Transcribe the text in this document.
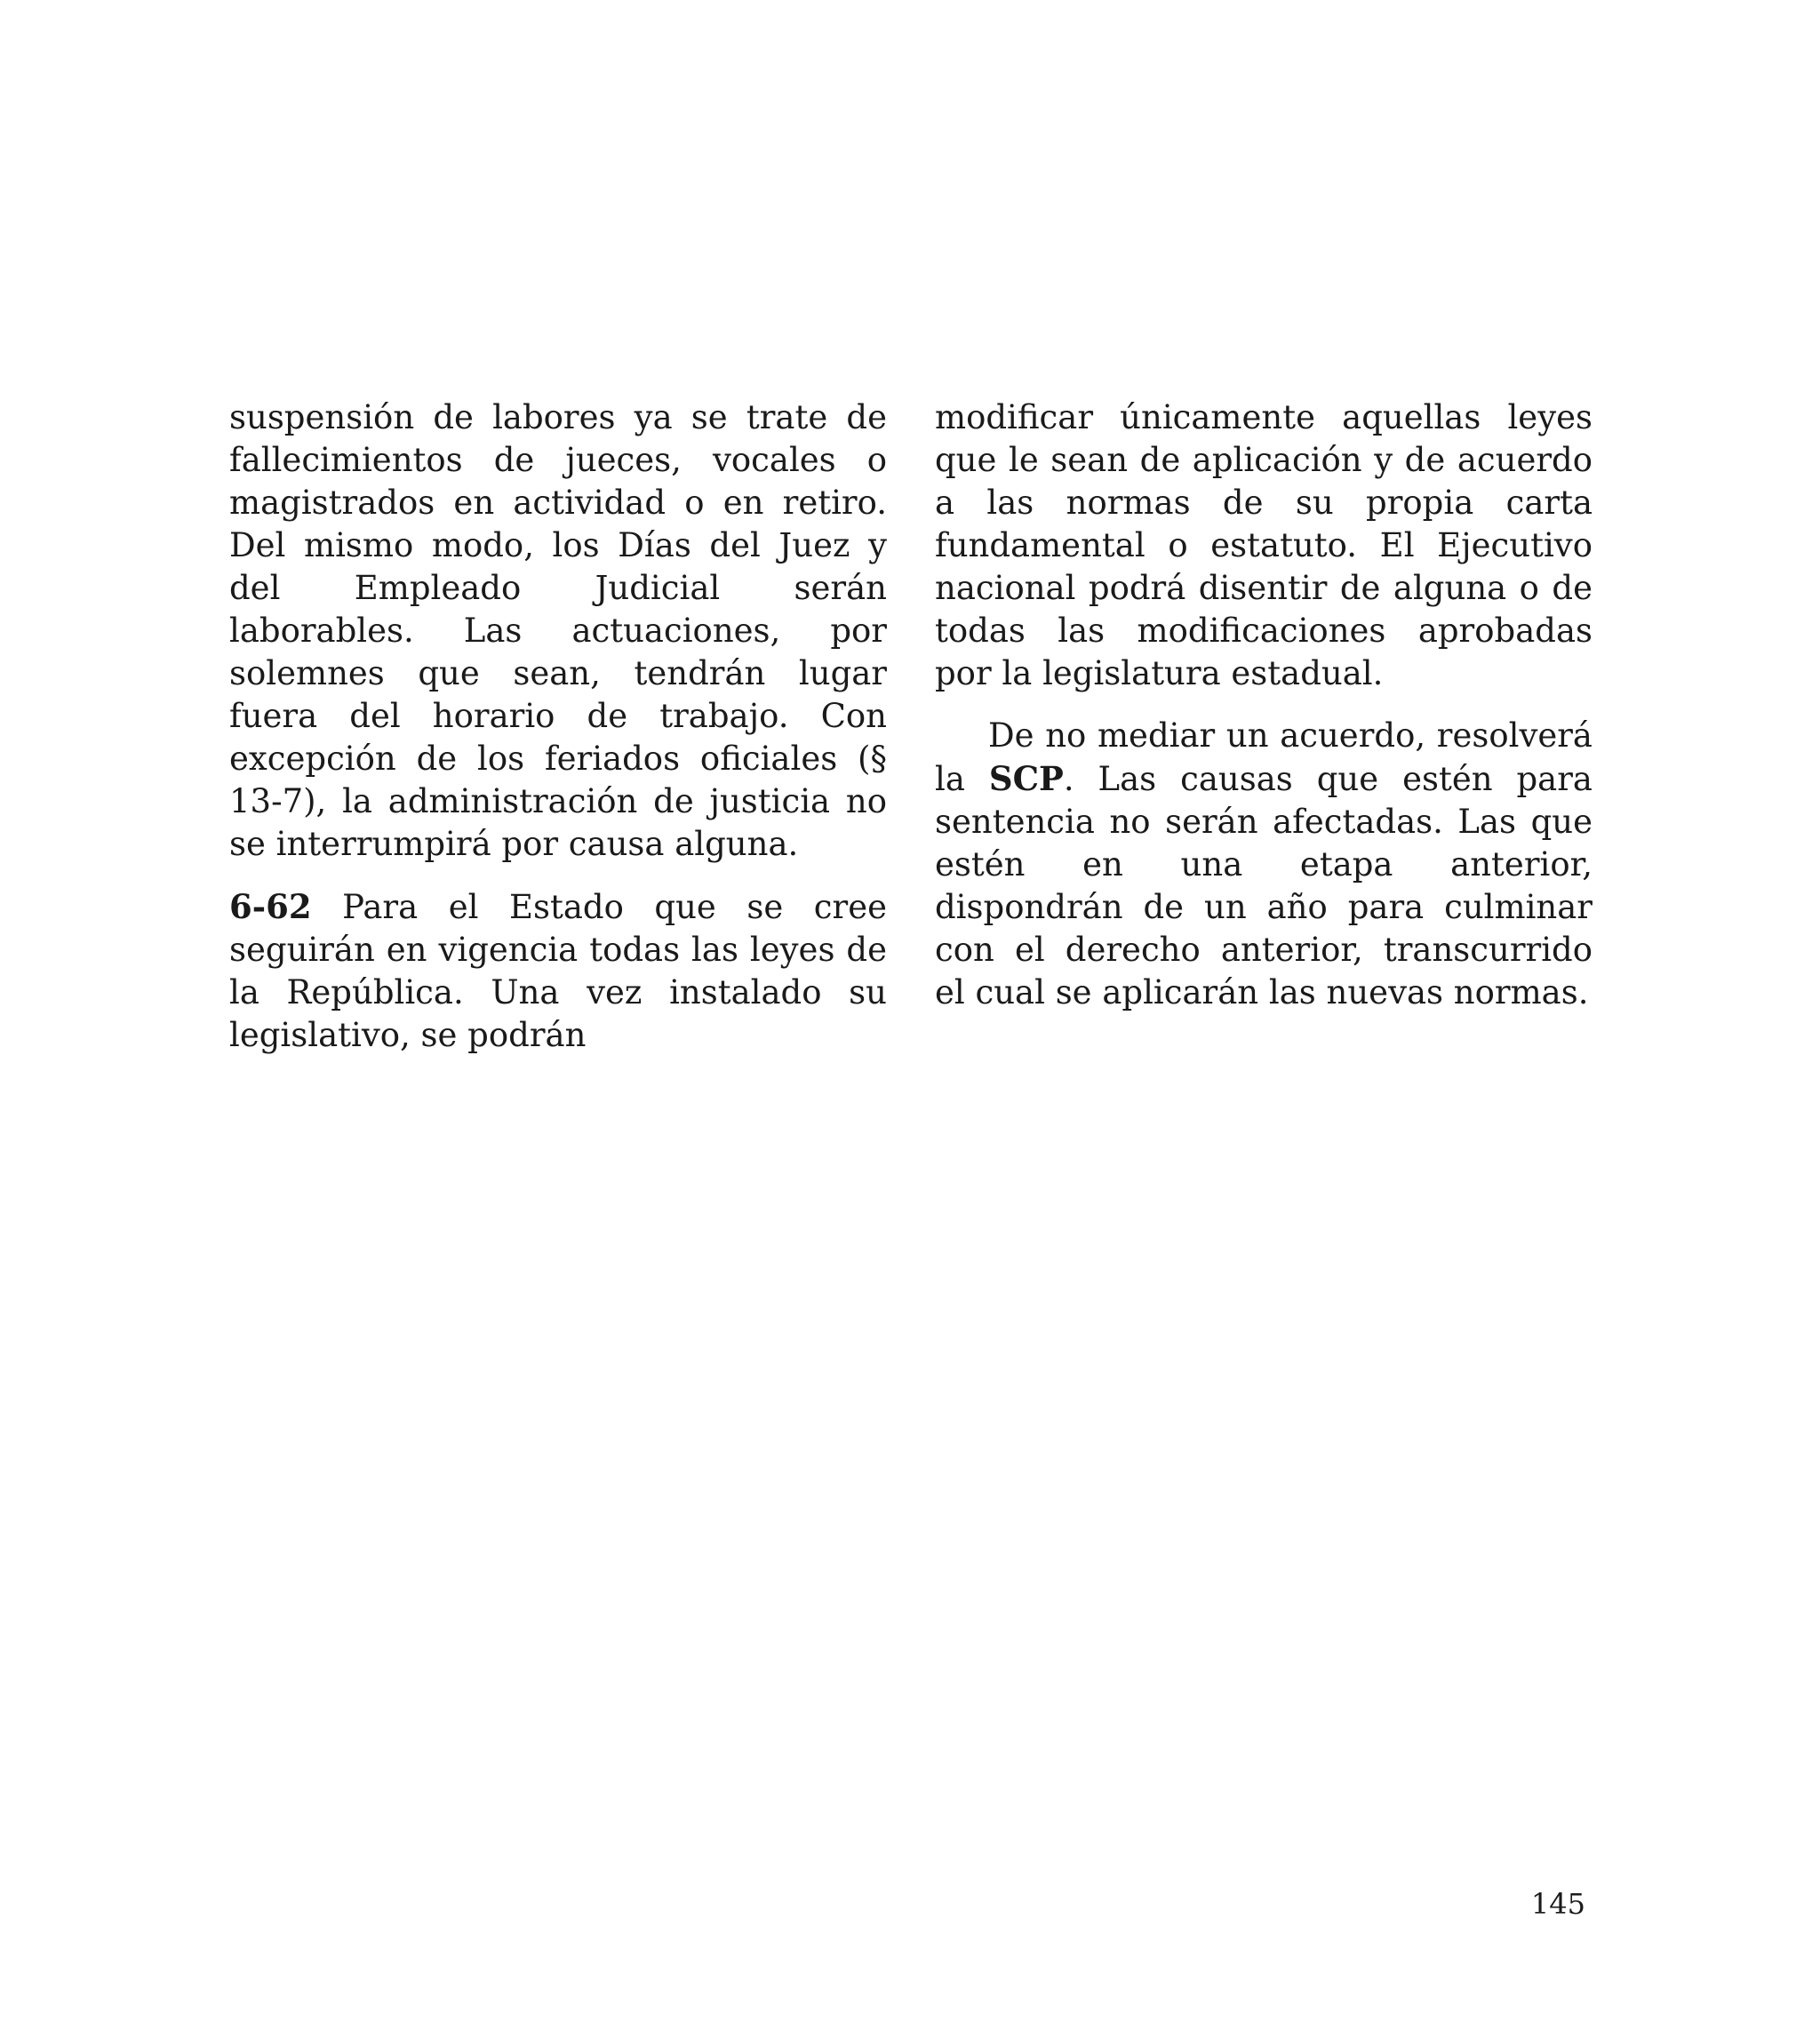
suspensión de labores ya se trate de fallecimientos de jueces, vocales o magistrados en actividad o en retiro. Del mismo modo, los Días del Juez y del Empleado Judicial serán laborables. Las actuaciones, por solemnes que sean, tendrán lugar fuera del horario de trabajo. Con excepción de los feriados oficiales (§ 13-7), la administración de justicia no se interrumpirá por causa alguna.

6-62 Para el Estado que se cree seguirán en vigencia todas las leyes de la República. Una vez instalado su legislativo, se podrán

modificar únicamente aquellas leyes que le sean de aplicación y de acuerdo a las normas de su propia carta fundamental o estatuto. El Ejecutivo nacional podrá disentir de alguna o de todas las modificaciones aprobadas por la legislatura estadual.

De no mediar un acuerdo, resolverá la SCP. Las causas que estén para sentencia no serán afectadas. Las que estén en una etapa anterior, dispondrán de un año para culminar con el derecho anterior, transcurrido el cual se aplicarán las nuevas normas.

145
